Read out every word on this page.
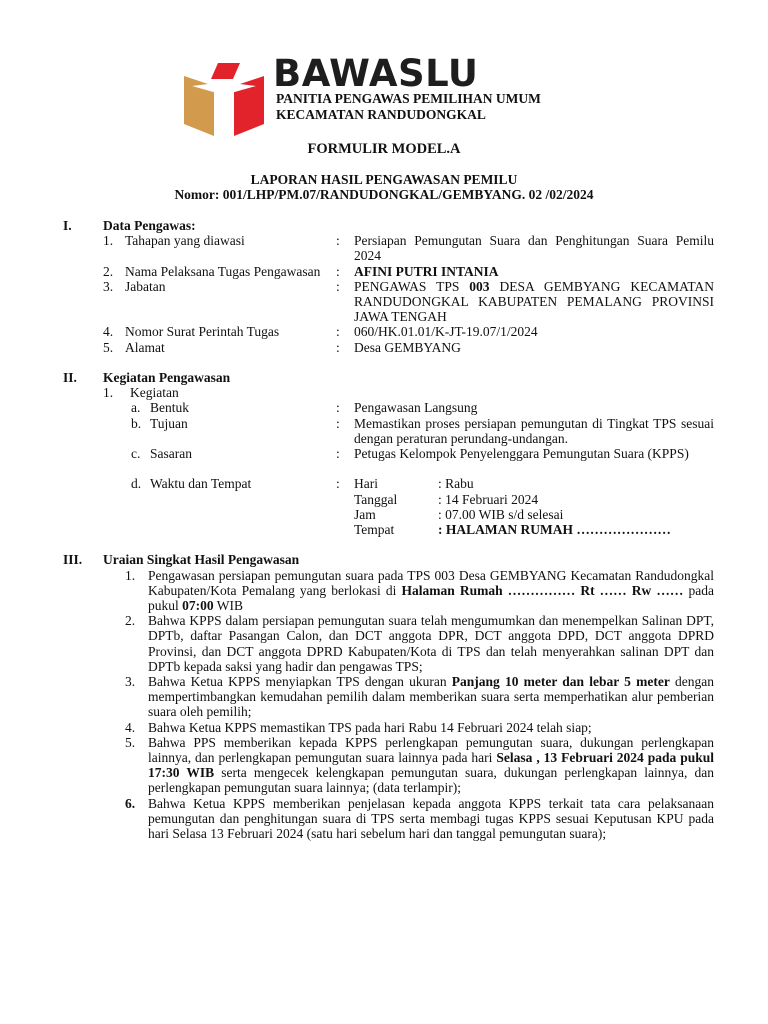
BAWASLU
PANITIA PENGAWAS PEMILIHAN UMUM
KECAMATAN RANDUDONGKAL
FORMULIR MODEL.A
LAPORAN HASIL PENGAWASAN PEMILU
Nomor: 001/LHP/PM.07/RANDUDONGKAL/GEMBYANG. 02 /02/2024
I. Data Pengawas:
1. Tahapan yang diawasi	: Persiapan Pemungutan Suara dan Penghitungan Suara Pemilu 2024
2. Nama Pelaksana Tugas Pengawasan : AFINI PUTRI INTANIA
3. Jabatan	: PENGAWAS TPS 003 DESA GEMBYANG KECAMATAN RANDUDONGKAL KABUPATEN PEMALANG PROVINSI JAWA TENGAH
4. Nomor Surat Perintah Tugas	: 060/HK.01.01/K-JT-19.07/1/2024
5. Alamat	: Desa GEMBYANG
II. Kegiatan Pengawasan
1. Kegiatan
a. Bentuk	: Pengawasan Langsung
b. Tujuan	: Memastikan proses persiapan pemungutan di Tingkat TPS sesuai dengan peraturan perundang-undangan.
c. Sasaran	: Petugas Kelompok Penyelenggara Pemungutan Suara (KPPS)
d. Waktu dan Tempat	: Hari	: Rabu
Tanggal	: 14 Februari 2024
Jam	: 07.00 WIB s/d selesai
Tempat	: HALAMAN RUMAH …………………
III. Uraian Singkat Hasil Pengawasan
1. Pengawasan persiapan pemungutan suara pada TPS 003 Desa GEMBYANG Kecamatan Randudongkal Kabupaten/Kota Pemalang yang berlokasi di Halaman Rumah …………… Rt …… Rw …… pada pukul 07:00 WIB
2. Bahwa KPPS dalam persiapan pemungutan suara telah mengumumkan dan menempelkan Salinan DPT, DPTb, daftar Pasangan Calon, dan DCT anggota DPR, DCT anggota DPD, DCT anggota DPRD Provinsi, dan DCT anggota DPRD Kabupaten/Kota di TPS dan telah menyerahkan salinan DPT dan DPTb kepada saksi yang hadir dan pengawas TPS;
3. Bahwa Ketua KPPS menyiapkan TPS dengan ukuran Panjang 10 meter dan lebar 5 meter dengan mempertimbangkan kemudahan pemilih dalam memberikan suara serta memperhatikan alur pemberian suara oleh pemilih;
4. Bahwa Ketua KPPS memastikan TPS pada hari Rabu 14 Februari 2024 telah siap;
5. Bahwa PPS memberikan kepada KPPS perlengkapan pemungutan suara, dukungan perlengkapan lainnya, dan perlengkapan pemungutan suara lainnya pada hari Selasa , 13 Februari 2024 pada pukul 17:30 WIB serta mengecek kelengkapan pemungutan suara, dukungan perlengkapan lainnya, dan perlengkapan pemungutan suara lainnya; (data terlampir);
6. Bahwa Ketua KPPS memberikan penjelasan kepada anggota KPPS terkait tata cara pelaksanaan pemungutan dan penghitungan suara di TPS serta membagi tugas KPPS sesuai Keputusan KPU pada hari Selasa 13 Februari 2024 (satu hari sebelum hari dan tanggal pemungutan suara);
